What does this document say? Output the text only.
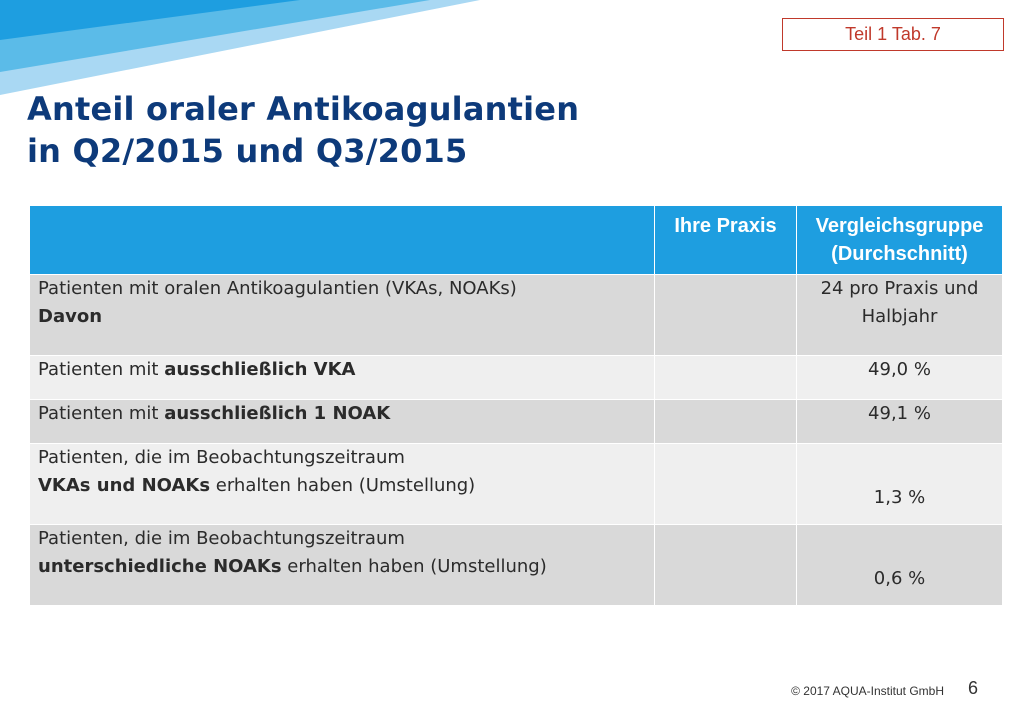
Teil 1 Tab. 7
Anteil oraler Antikoagulantien
in Q2/2015 und Q3/2015
	Ihre Praxis	Vergleichsgruppe
(Durchschnitt)
Patienten mit oralen Antikoagulantien (VKAs, NOAKs)
Davon		24 pro Praxis und
Halbjahr
Patienten mit ausschließlich VKA		49,0 %
Patienten mit ausschließlich 1 NOAK		49,1 %
Patienten, die im Beobachtungszeitraum
VKAs und NOAKs erhalten haben (Umstellung)		1,3 %
Patienten, die im Beobachtungszeitraum
unterschiedliche NOAKs erhalten haben (Umstellung)		0,6 %
© 2017 AQUA-Institut GmbH 6
